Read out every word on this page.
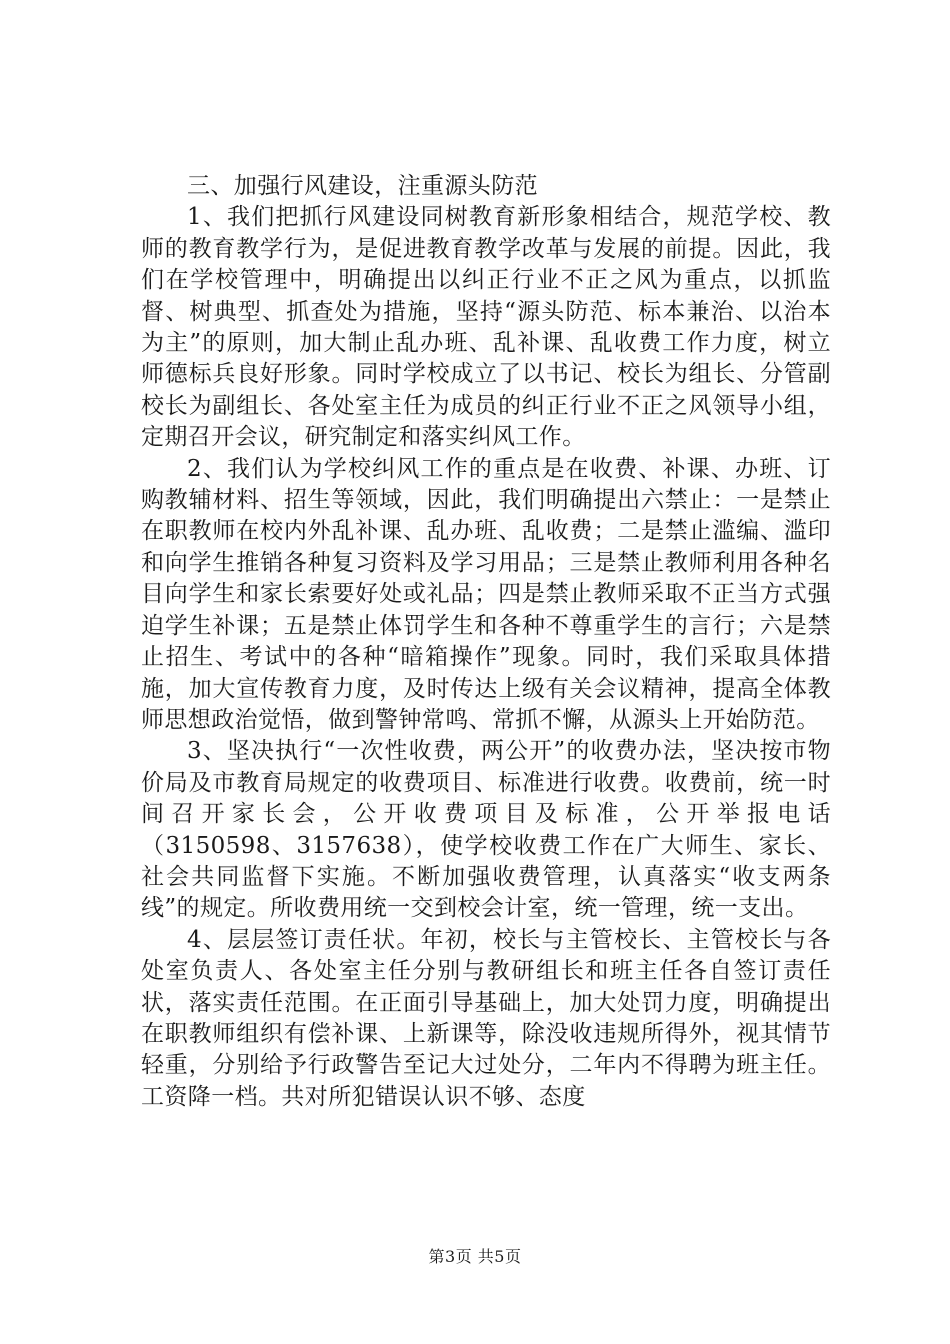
三、加强行风建设，注重源头防范

1、我们把抓行风建设同树教育新形象相结合，规范学校、教师的教育教学行为，是促进教育教学改革与发展的前提。因此，我们在学校管理中，明确提出以纠正行业不正之风为重点，以抓监督、树典型、抓查处为措施，坚持“源头防范、标本兼治、以治本为主”的原则，加大制止乱办班、乱补课、乱收费工作力度，树立师德标兵良好形象。同时学校成立了以书记、校长为组长、分管副校长为副组长、各处室主任为成员的纠正行业不正之风领导小组，定期召开会议，研究制定和落实纠风工作。

2、我们认为学校纠风工作的重点是在收费、补课、办班、订购教辅材料、招生等领域，因此，我们明确提出六禁止：一是禁止在职教师在校内外乱补课、乱办班、乱收费；二是禁止滥编、滥印和向学生推销各种复习资料及学习用品；三是禁止教师利用各种名目向学生和家长索要好处或礼品；四是禁止教师采取不正当方式强迫学生补课；五是禁止体罚学生和各种不尊重学生的言行；六是禁止招生、考试中的各种“暗箱操作”现象。同时，我们采取具体措施，加大宣传教育力度，及时传达上级有关会议精神，提高全体教师思想政治觉悟，做到警钟常鸣、常抓不懈，从源头上开始防范。

3、坚决执行“一次性收费，两公开”的收费办法，坚决按市物价局及市教育局规定的收费项目、标准进行收费。收费前，统一时间召开家长会，公开收费项目及标准，公开举报电话（3150598、3157638），使学校收费工作在广大师生、家长、社会共同监督下实施。不断加强收费管理，认真落实“收支两条线”的规定。所收费用统一交到校会计室，统一管理，统一支出。

4、层层签订责任状。年初，校长与主管校长、主管校长与各处室负责人、各处室主任分别与教研组长和班主任各自签订责任状，落实责任范围。在正面引导基础上，加大处罚力度，明确提出在职教师组织有偿补课、上新课等，除没收违规所得外，视其情节轻重，分别给予行政警告至记大过处分，二年内不得聘为班主任。工资降一档。共对所犯错误认识不够、态度

第3页 共5页
